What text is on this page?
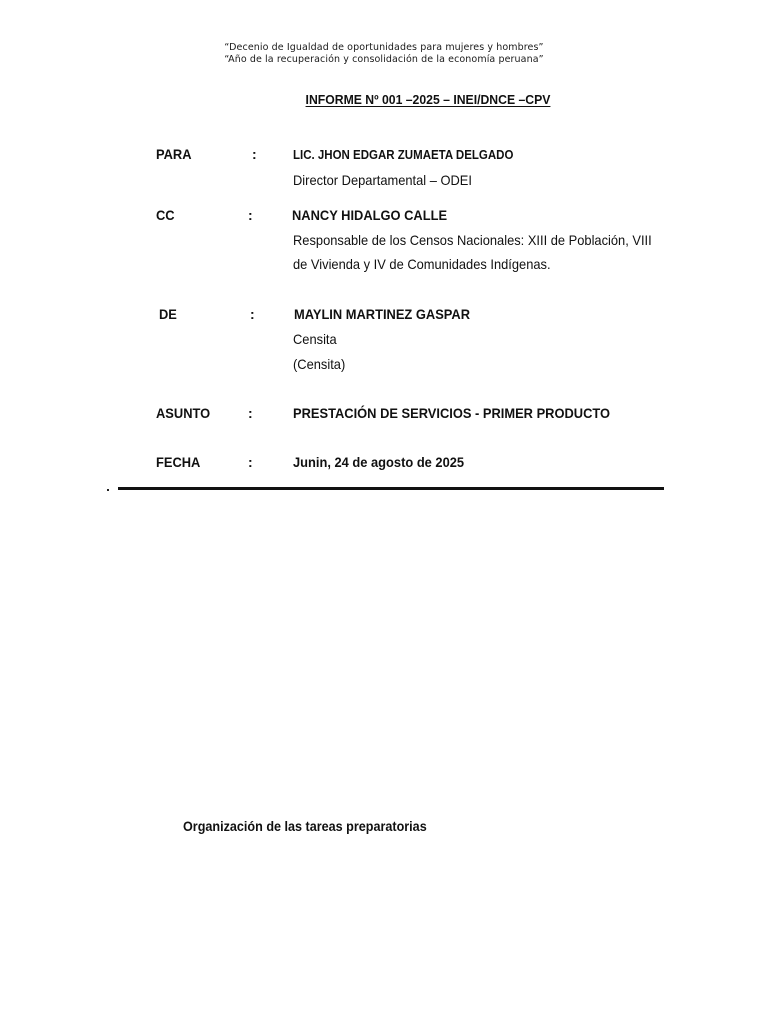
“Decenio de Igualdad de oportunidades para mujeres y hombres”
“Año de la recuperación y consolidación de la economía peruana”
INFORME Nº 001 –2025 – INEI/DNCE –CPV
PARA	:	LIC. JHON EDGAR ZUMAETA DELGADO
Director Departamental – ODEI
CC	:	NANCY HIDALGO CALLE
Responsable de los Censos Nacionales: XIII de Población, VIII
de Vivienda y IV de Comunidades Indígenas.
DE	:	MAYLIN MARTINEZ GASPAR
Censita
(Censita)
ASUNTO	:	PRESTACIÓN DE SERVICIOS - PRIMER PRODUCTO
FECHA	:	Junin, 24 de agosto de 2025
Organización de las tareas preparatorias
